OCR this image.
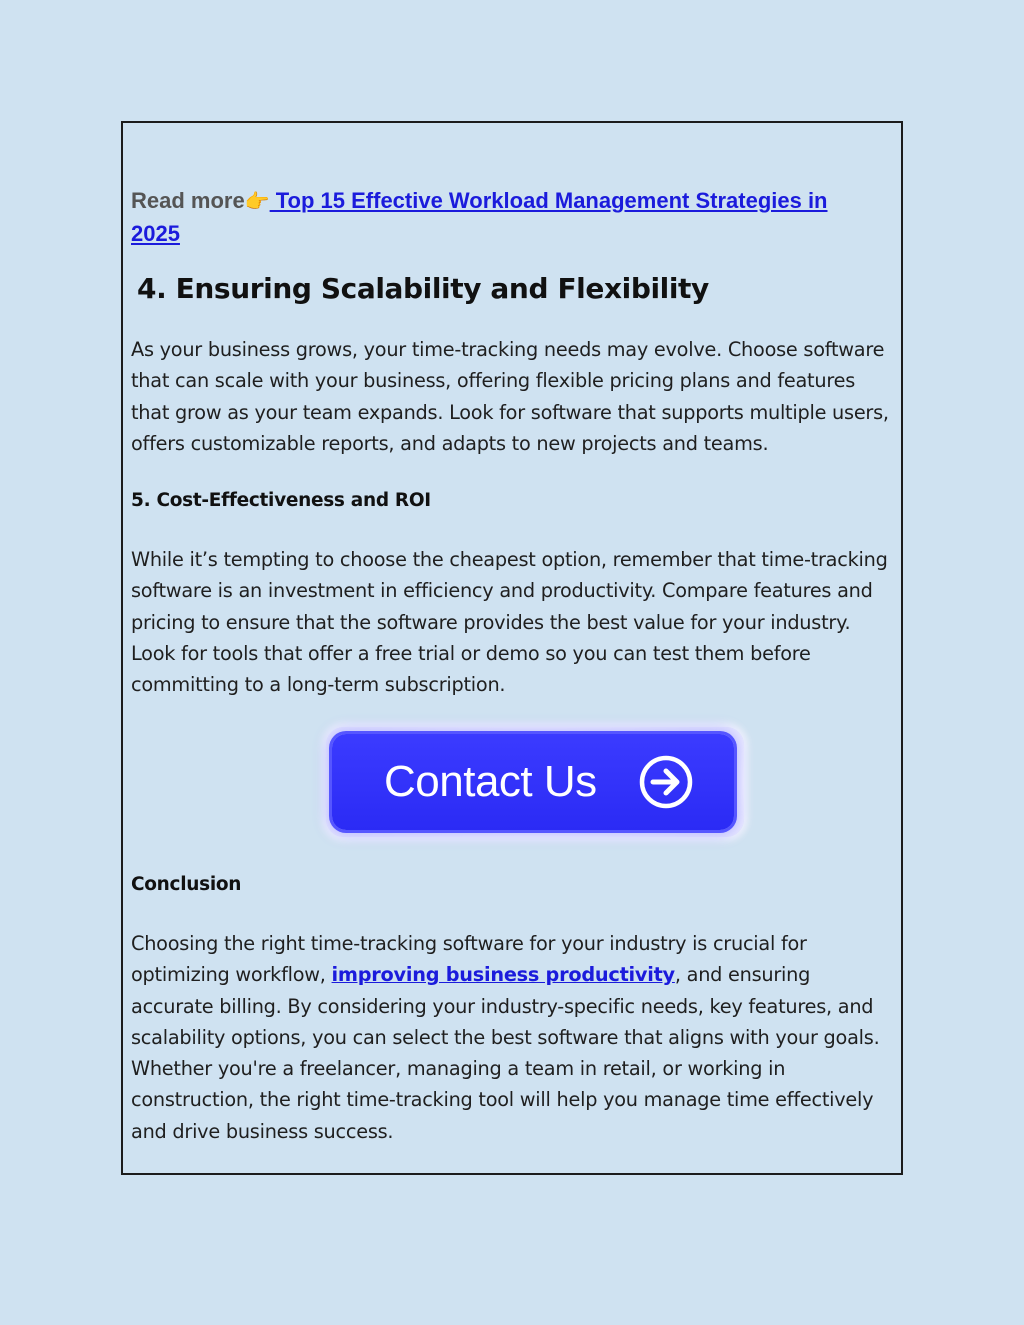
Read more👉 Top 15 Effective Workload Management Strategies in 2025
4. Ensuring Scalability and Flexibility

As your business grows, your time-tracking needs may evolve. Choose software that can scale with your business, offering flexible pricing plans and features that grow as your team expands. Look for software that supports multiple users, offers customizable reports, and adapts to new projects and teams.

5. Cost-Effectiveness and ROI

While it’s tempting to choose the cheapest option, remember that time-tracking software is an investment in efficiency and productivity. Compare features and pricing to ensure that the software provides the best value for your industry. Look for tools that offer a free trial or demo so you can test them before committing to a long-term subscription.

Contact Us
Conclusion

Choosing the right time-tracking software for your industry is crucial for optimizing workflow, improving business productivity, and ensuring accurate billing. By considering your industry-specific needs, key features, and scalability options, you can select the best software that aligns with your goals. Whether you're a freelancer, managing a team in retail, or working in construction, the right time-tracking tool will help you manage time effectively and drive business success.
